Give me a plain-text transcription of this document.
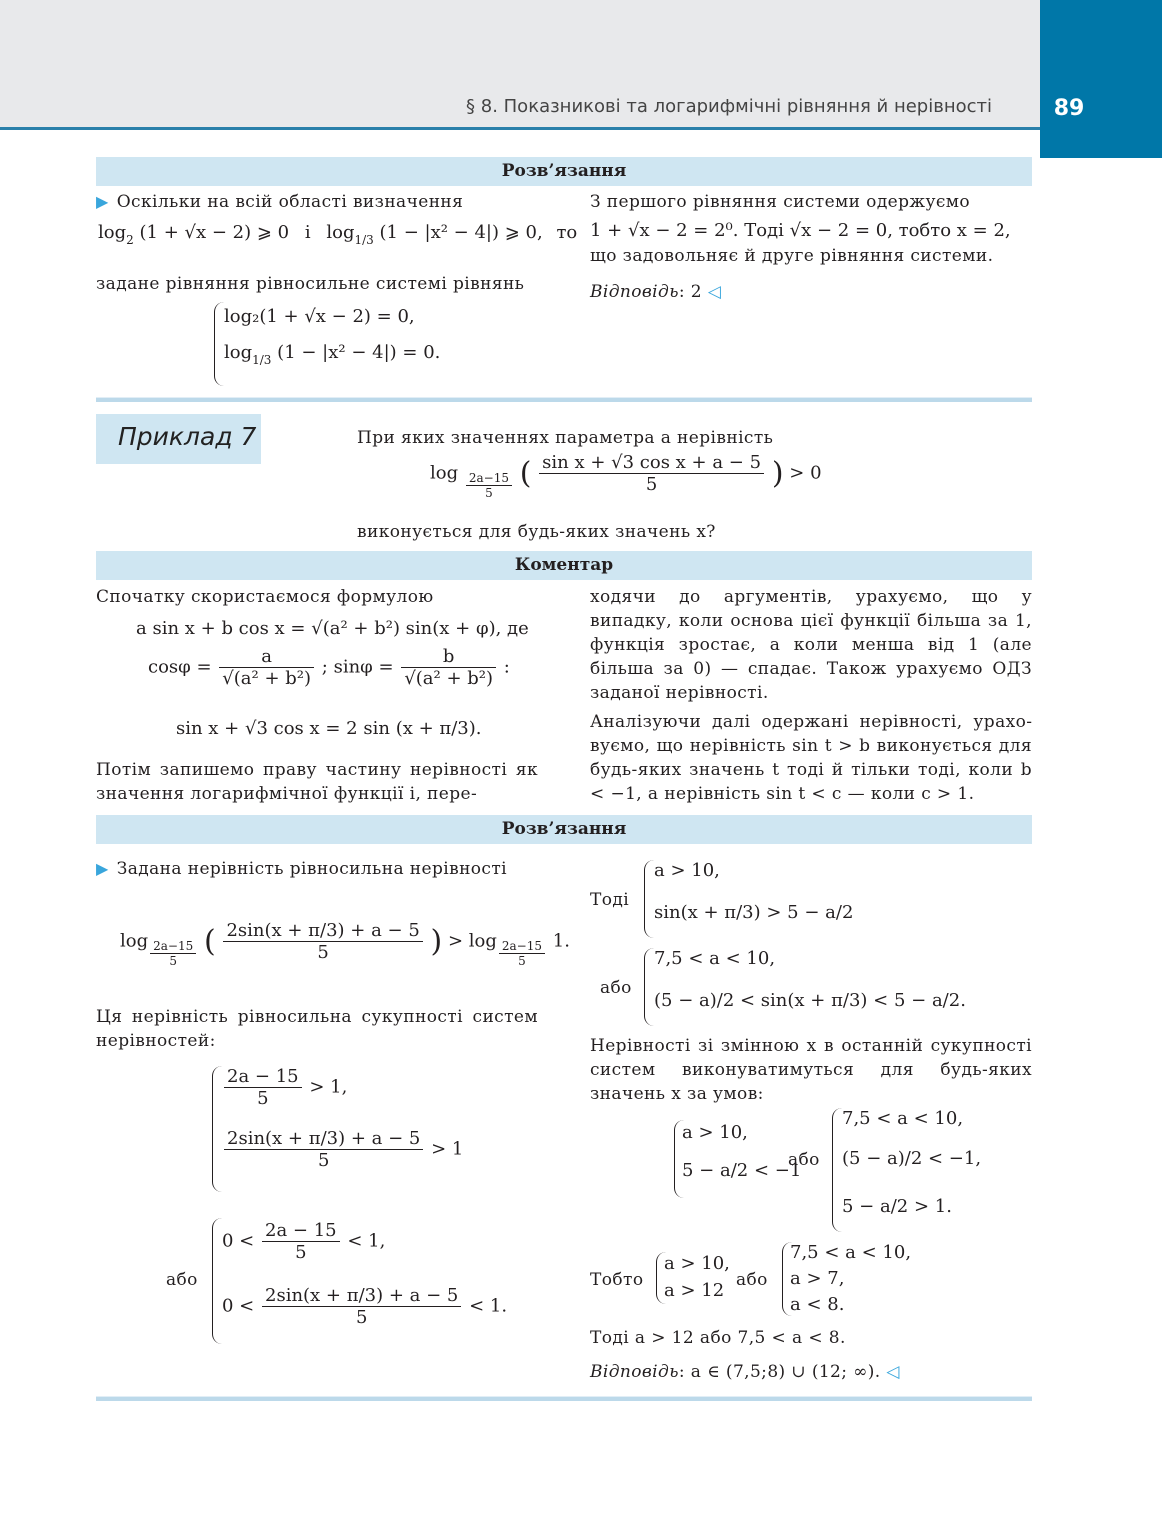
89
§ 8. Показникові та логарифмічні рівняння й нерівності
Розв’язання
▶ Оскільки на всій області визначення
$\log_2 (1 + √x - 2)$ ⩾ 0 і $\log_{1/3} (1 - |x^2 - 4|)$ ⩾ 0, то
задане рівняння рівносильне системі рівнянь
log₂(1 + √x − 2) = 0,
$\log_{1/3} (1 - |x^2 - 4|) = 0$.
З першого рівняння системи одержуємо
1 + √x − 2 = 2⁰. Тоді √x − 2 = 0, тобто x = 2,
що задовольняє й друге рівняння системи.
Відповідь: 2 ◁
Приклад 7	При яких значеннях параметра a нерівність
$\log \frac{2a-15}{5}$ ( $\frac{\text{sin x + √3 cos x + a − 5}}{5}$ ) > 0
виконується для будь-яких значень x?
Коментар
Спочатку скористаємося формулою
a sin x + b cos x = √(a² + b²) sin(x + φ), де
$\cos\varphi = \frac{a}{\text{√(a² + b²)}}$ ; $\sin\varphi = \frac{b}{\text{√(a² + b²)}}$ :
sin x + √3 cos x = 2 sin (x + π/3).
Потім запишемо праву частину нерівності як значення логарифмічної функції і, пере-
ходячи до аргументів, урахуємо, що у випадку, коли основа цієї функції більша за 1, функція зростає, а коли менша від 1 (але більша за 0) — спадає. Також урахуємо ОДЗ заданої нерівності.
Аналізуючи далі одержані нерівності, ураховуємо, що нерівність sin t > b виконується для будь-яких значень t тоді й тільки тоді, коли b < −1, а нерівність sin t < c — коли c > 1.
Розв’язання
▶ Задана нерівність рівносильна нерівності
$\log \frac{2a-15}{5}$ ( $\frac{2\sin(x + \pi/3) + a - 5}{5}$ ) > $\log \frac{2a-15}{5} 1$.
Ця нерівність рівносильна сукупності систем нерівностей:
$\frac{2a - 15}{5} > 1$,
$\frac{2\sin(x + \pi/3) + a - 5}{5} > 1$
або
$0 < \frac{2a - 15}{5} < 1$,
$0 < \frac{2\sin(x + \pi/3) + a - 5}{5} < 1$.
Тоді
a > 10,
sin(x + π/3) > 5 − a/2
або
7,5 < a < 10,
(5 − a)/2 < sin(x + π/3) < 5 − a/2.
Нерівності зі змінною x в останній сукупності систем виконуватимуться для будь-яких значень x за умов:
a > 10,
5 − a/2 < −1
або
7,5 < a < 10,
(5 − a)/2 < −1,
5 − a/2 > 1.
Тобто
a > 10,
a > 12 або
7,5 < a < 10,
a > 7,
a < 8.
Тоді a > 12 або 7,5 < a < 8.
Відповідь: a ∈ (7,5;8) ∪ (12; ∞). ◁
